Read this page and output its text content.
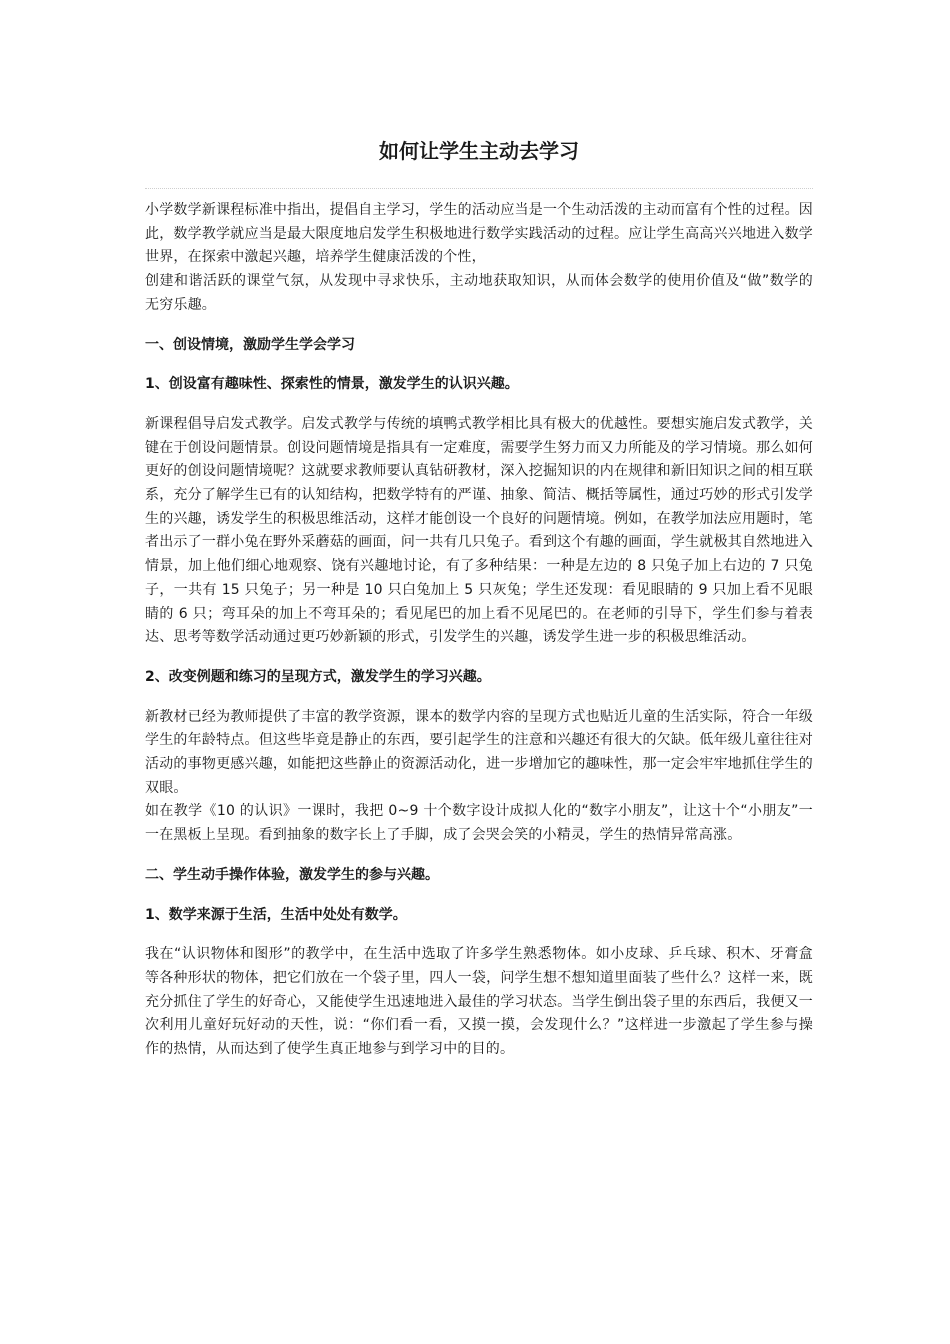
如何让学生主动去学习

小学数学新课程标准中指出，提倡自主学习，学生的活动应当是一个生动活泼的主动而富有个性的过程。因此，数学教学就应当是最大限度地启发学生积极地进行数学实践活动的过程。应让学生高高兴兴地进入数学世界，在探索中激起兴趣，培养学生健康活泼的个性，

创建和谐活跃的课堂气氛，从发现中寻求快乐，主动地获取知识，从而体会数学的使用价值及“做”数学的无穷乐趣。

一、创设情境，激励学生学会学习

1、创设富有趣味性、探索性的情景，激发学生的认识兴趣。

新课程倡导启发式教学。启发式教学与传统的填鸭式教学相比具有极大的优越性。要想实施启发式教学，关键在于创设问题情景。创设问题情境是指具有一定难度，需要学生努力而又力所能及的学习情境。那么如何更好的创设问题情境呢？这就要求教师要认真钻研教材，深入挖掘知识的内在规律和新旧知识之间的相互联系，充分了解学生已有的认知结构，把数学特有的严谨、抽象、简洁、概括等属性，通过巧妙的形式引发学生的兴趣，诱发学生的积极思维活动，这样才能创设一个良好的问题情境。例如，在教学加法应用题时，笔者出示了一群小兔在野外采蘑菇的画面，问一共有几只兔子。看到这个有趣的画面，学生就极其自然地进入情景，加上他们细心地观察、饶有兴趣地讨论，有了多种结果：一种是左边的 8 只兔子加上右边的 7 只兔子，一共有 15 只兔子；另一种是 10 只白兔加上 5 只灰兔；学生还发现：看见眼睛的 9 只加上看不见眼睛的 6 只；弯耳朵的加上不弯耳朵的；看见尾巴的加上看不见尾巴的。在老师的引导下，学生们参与着表达、思考等数学活动通过更巧妙新颖的形式，引发学生的兴趣，诱发学生进一步的积极思维活动。

2、改变例题和练习的呈现方式，激发学生的学习兴趣。

新教材已经为教师提供了丰富的教学资源，课本的数学内容的呈现方式也贴近儿童的生活实际，符合一年级学生的年龄特点。但这些毕竟是静止的东西，要引起学生的注意和兴趣还有很大的欠缺。低年级儿童往往对活动的事物更感兴趣，如能把这些静止的资源活动化，进一步增加它的趣味性，那一定会牢牢地抓住学生的双眼。

如在教学《10 的认识》一课时，我把 0~9 十个数字设计成拟人化的“数字小朋友”，让这十个“小朋友”一一在黑板上呈现。看到抽象的数字长上了手脚，成了会哭会笑的小精灵，学生的热情异常高涨。

二、学生动手操作体验，激发学生的参与兴趣。

1、数学来源于生活，生活中处处有数学。

我在“认识物体和图形”的教学中，在生活中选取了许多学生熟悉物体。如小皮球、乒乓球、积木、牙膏盒等各种形状的物体，把它们放在一个袋子里，四人一袋，问学生想不想知道里面装了些什么？这样一来，既充分抓住了学生的好奇心，又能使学生迅速地进入最佳的学习状态。当学生倒出袋子里的东西后，我便又一次利用儿童好玩好动的天性，说：“你们看一看，又摸一摸，会发现什么？”这样进一步激起了学生参与操作的热情，从而达到了使学生真正地参与到学习中的目的。
